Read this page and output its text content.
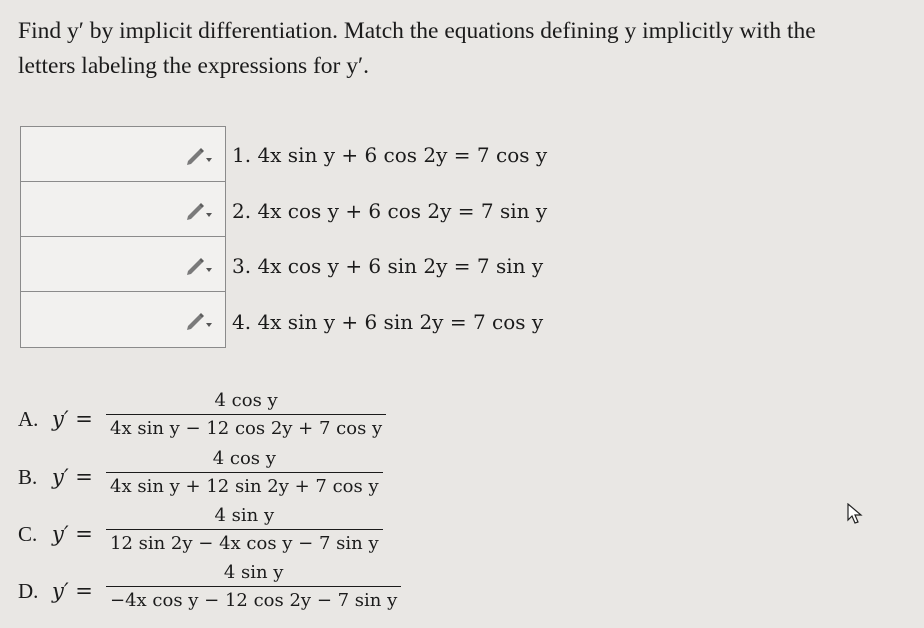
Find y′ by implicit differentiation. Match the equations defining y implicitly with the
letters labeling the expressions for y′.
1. 4x sin y + 6 cos 2y = 7 cos y
2. 4x cos y + 6 cos 2y = 7 sin y
3. 4x cos y + 6 sin 2y = 7 sin y
4. 4x sin y + 6 sin 2y = 7 cos y
A. $y' = \frac{\text{4 cos y}}{\text{4x sin y − 12 cos 2y + 7 cos y}}$
B. $y' = \frac{\text{4 cos y}}{\text{4x sin y + 12 sin 2y + 7 cos y}}$
C. $y' = \frac{\text{4 sin y}}{\text{12 sin 2y − 4x cos y − 7 sin y}}$
D. $y' = \frac{\text{4 sin y}}{\text{−4x cos y − 12 cos 2y − 7 sin y}}$
